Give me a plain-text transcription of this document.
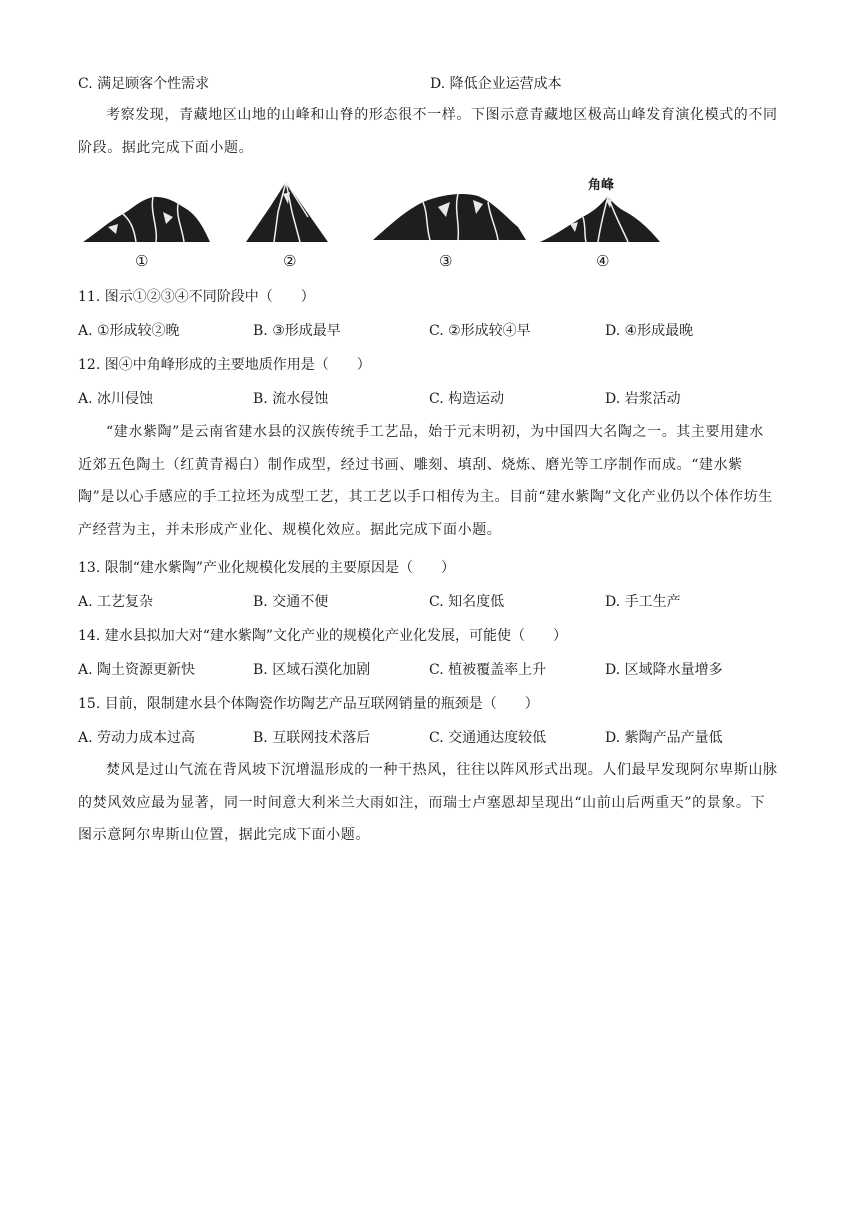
C. 满足顾客个性需求	D. 降低企业运营成本
考察发现，青藏地区山地的山峰和山脊的形态很不一样。下图示意青藏地区极高山峰发育演化模式的不同阶段。据此完成下面小题。
角峰
①	②	③	④
11. 图示①②③④不同阶段中（　　）
A. ①形成较②晚	B. ③形成最早	C. ②形成较④早	D. ④形成最晚
12. 图④中角峰形成的主要地质作用是（　　）
A. 冰川侵蚀	B. 流水侵蚀	C. 构造运动	D. 岩浆活动
“建水紫陶”是云南省建水县的汉族传统手工艺品，始于元末明初，为中国四大名陶之一。其主要用建水近郊五色陶土（红黄青褐白）制作成型，经过书画、雕刻、填刮、烧炼、磨光等工序制作而成。“建水紫陶”是以心手感应的手工拉坯为成型工艺，其工艺以手口相传为主。目前“建水紫陶”文化产业仍以个体作坊生产经营为主，并未形成产业化、规模化效应。据此完成下面小题。
13. 限制“建水紫陶”产业化规模化发展的主要原因是（　　）
A. 工艺复杂	B. 交通不便	C. 知名度低	D. 手工生产
14. 建水县拟加大对“建水紫陶”文化产业的规模化产业化发展，可能使（　　）
A. 陶土资源更新快	B. 区域石漠化加剧	C. 植被覆盖率上升	D. 区域降水量增多
15. 目前，限制建水县个体陶瓷作坊陶艺产品互联网销量的瓶颈是（　　）
A. 劳动力成本过高	B. 互联网技术落后	C. 交通通达度较低	D. 紫陶产品产量低
焚风是过山气流在背风坡下沉增温形成的一种干热风，往往以阵风形式出现。人们最早发现阿尔卑斯山脉的焚风效应最为显著，同一时间意大利米兰大雨如注，而瑞士卢塞恩却呈现出“山前山后两重天”的景象。下图示意阿尔卑斯山位置，据此完成下面小题。
